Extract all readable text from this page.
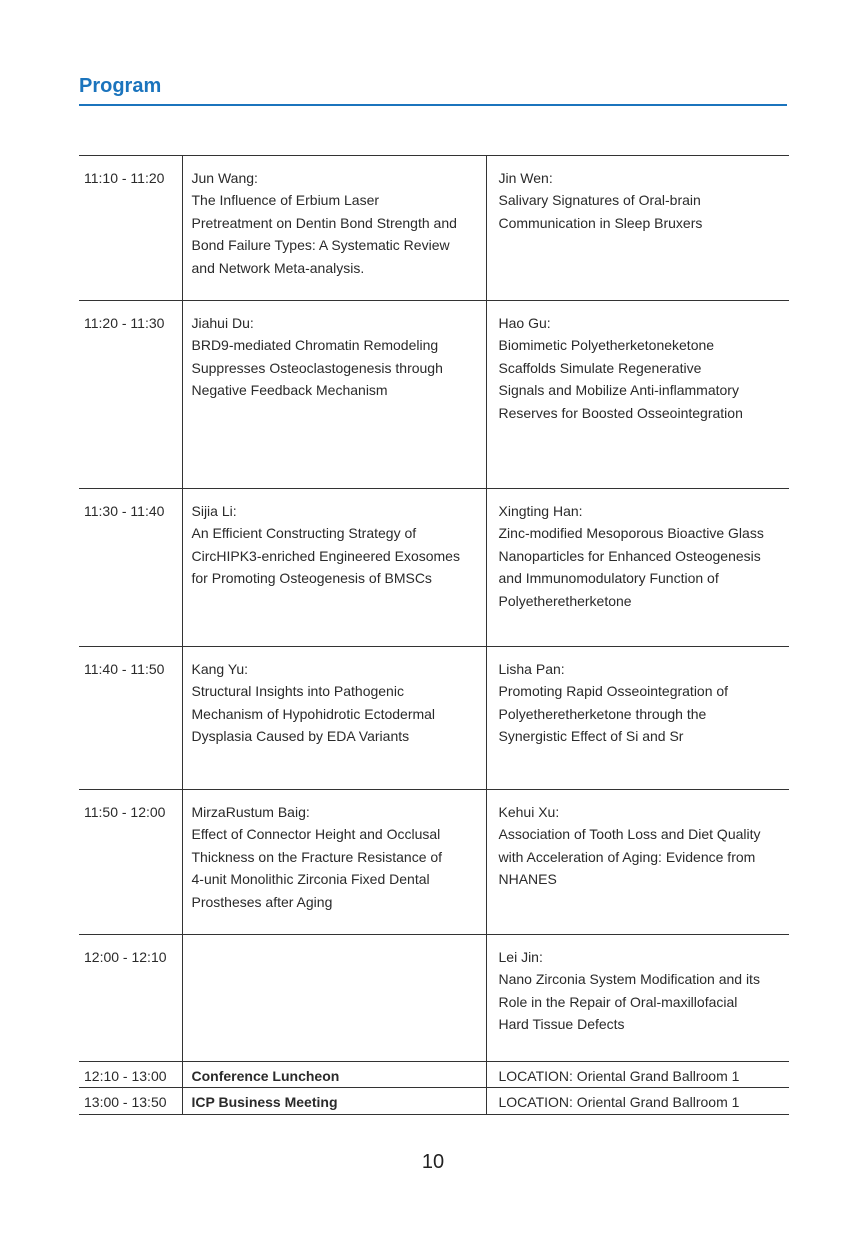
Program
11:10 - 11:20	Jun Wang:
The Influence of Erbium Laser
Pretreatment on Dentin Bond Strength and
Bond Failure Types: A Systematic Review
and Network Meta-analysis.	Jin Wen:
Salivary Signatures of Oral-brain
Communication in Sleep Bruxers

11:20 - 11:30	Jiahui Du:
BRD9-mediated Chromatin Remodeling
Suppresses Osteoclastogenesis through
Negative Feedback Mechanism	Hao Gu:
Biomimetic Polyetherketoneketone
Scaffolds Simulate Regenerative
Signals and Mobilize Anti-inflammatory
Reserves for Boosted Osseointegration

11:30 - 11:40	Sijia Li:
An Efficient Constructing Strategy of
CircHIPK3-enriched Engineered Exosomes
for Promoting Osteogenesis of BMSCs	Xingting Han:
Zinc-modified Mesoporous Bioactive Glass
Nanoparticles for Enhanced Osteogenesis
and Immunomodulatory Function of
Polyetheretherketone

11:40 - 11:50	Kang Yu:
Structural Insights into Pathogenic
Mechanism of Hypohidrotic Ectodermal
Dysplasia Caused by EDA Variants	Lisha Pan:
Promoting Rapid Osseointegration of
Polyetheretherketone through the
Synergistic Effect of Si and Sr

11:50 - 12:00	MirzaRustum Baig:
Effect of Connector Height and Occlusal
Thickness on the Fracture Resistance of
4-unit Monolithic Zirconia Fixed Dental
Prostheses after Aging	Kehui Xu:
Association of Tooth Loss and Diet Quality
with Acceleration of Aging: Evidence from
NHANES

12:00 - 12:10		Lei Jin:
Nano Zirconia System Modification and its
Role in the Repair of Oral-maxillofacial
Hard Tissue Defects

12:10 - 13:00	Conference Luncheon	LOCATION: Oriental Grand Ballroom 1
13:00 - 13:50	ICP Business Meeting	LOCATION: Oriental Grand Ballroom 1
10
